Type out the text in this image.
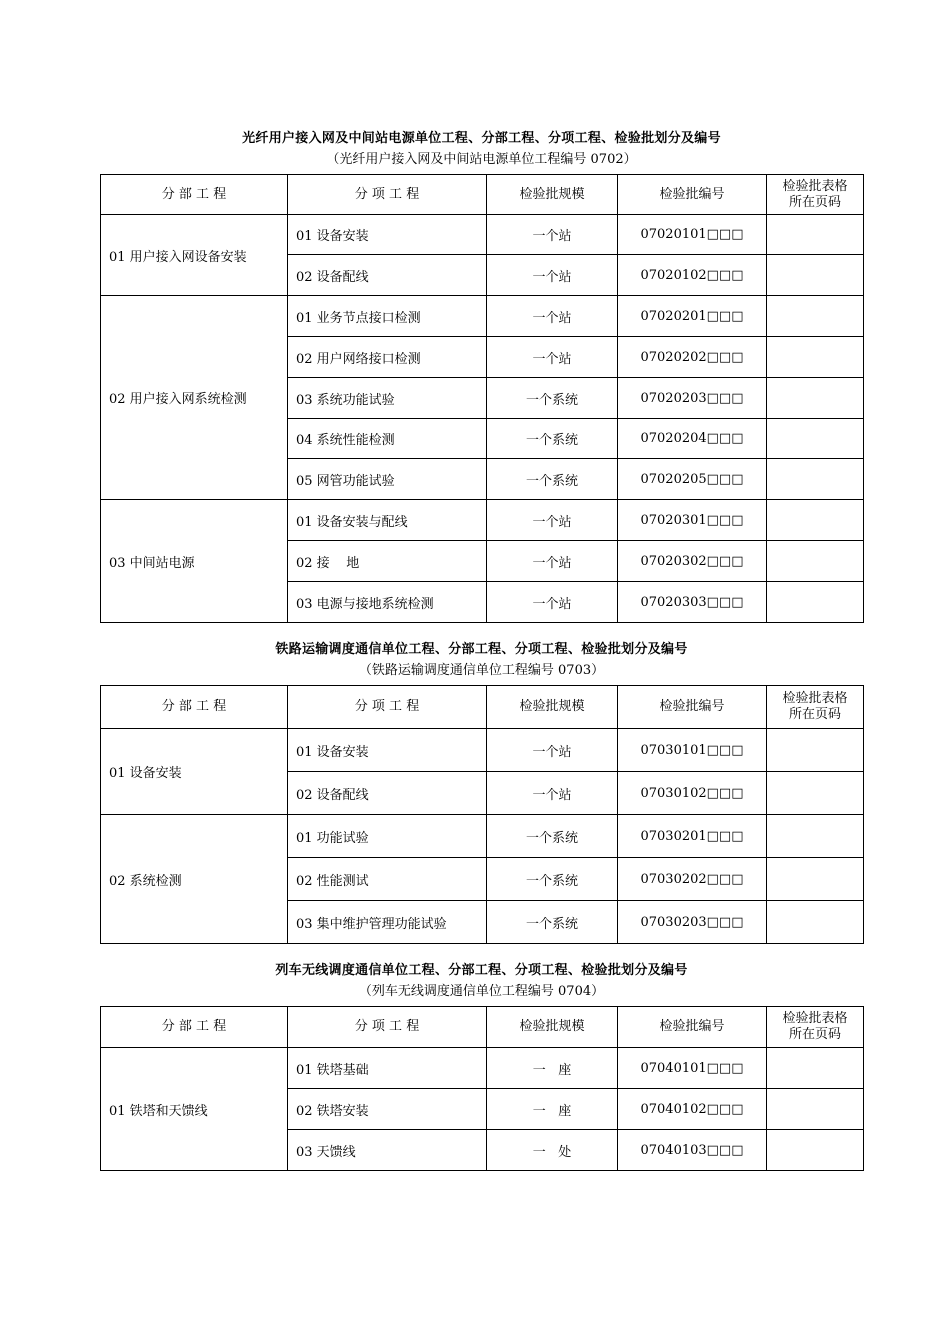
光纤用户接入网及中间站电源单位工程、分部工程、分项工程、检验批划分及编号
（光纤用户接入网及中间站电源单位工程编号 0702）
分 部 工 程	分 项 工 程	检验批规模	检验批编号	检验批表格
所在页码

01 用户接入网设备安装	01 设备安装	一个站	07020101□□□	
	02 设备配线	一个站	07020102□□□	
02 用户接入网系统检测	01 业务节点接口检测	一个站	07020201□□□	
	02 用户网络接口检测	一个站	07020202□□□	
	03 系统功能试验	一个系统	07020203□□□	
	04 系统性能检测	一个系统	07020204□□□	
	05 网管功能试验	一个系统	07020205□□□	
03 中间站电源	01 设备安装与配线	一个站	07020301□□□	
	02 接    地	一个站	07020302□□□	
	03 电源与接地系统检测	一个站	07020303□□□	
铁路运输调度通信单位工程、分部工程、分项工程、检验批划分及编号
（铁路运输调度通信单位工程编号 0703）
分 部 工 程	分 项 工 程	检验批规模	检验批编号	检验批表格
所在页码

01 设备安装	01 设备安装	一个站	07030101□□□	
	02 设备配线	一个站	07030102□□□	
02 系统检测	01 功能试验	一个系统	07030201□□□	
	02 性能测试	一个系统	07030202□□□	
	03 集中维护管理功能试验	一个系统	07030203□□□	
列车无线调度通信单位工程、分部工程、分项工程、检验批划分及编号
（列车无线调度通信单位工程编号 0704）
分 部 工 程	分 项 工 程	检验批规模	检验批编号	检验批表格
所在页码

01 铁塔和天馈线	01 铁塔基础	一   座	07040101□□□	
	02 铁塔安装	一   座	07040102□□□	
	03 天馈线	一   处	07040103□□□	
